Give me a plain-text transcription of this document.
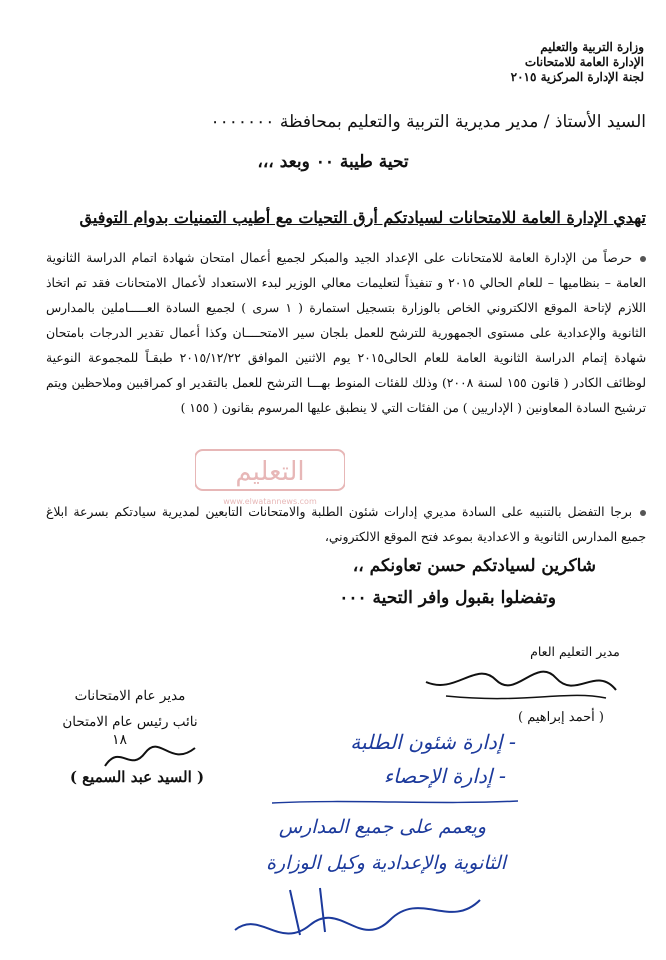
وزارة التربية والتعليم
الإدارة العامة للامتحانات
لجنة الإدارة المركزية ٢٠١٥
السيد الأستاذ / مدير مديرية التربية والتعليم بمحافظة ٠٠٠٠٠٠٠
تحية طيبة ٠٠ وبعد ،،،
تهدي الإدارة العامة للامتحانات لسيادتكم أرق التحيات مع أطيب التمنيات بدوام التوفيق

حرصاً من الإدارة العامة للامتحانات على الإعداد الجيد والمبكر لجميع أعمال امتحان شهادة اتمام الدراسة الثانوية العامة – بنظاميها – للعام الحالي ٢٠١٥ و تنفيذاً لتعليمات معالي الوزير لبدء الاستعداد لأعمال الامتحانات فقد تم اتخاذ اللازم لإتاحة الموقع الالكتروني الخاص بالوزارة بتسجيل استمارة ( ١ سرى ) لجميع السادة العـــــاملين بالمدارس الثانوية والإعدادية على مستوى الجمهورية للترشح للعمل بلجان سير الامتحــــان وكذا أعمال تقدير الدرجات بامتحان شهادة إتمام الدراسة الثانوية العامة للعام الحالى٢٠١٥ يوم الاثنين الموافق ٢٠١٥/١٢/٢٢ طبقـاً للمجموعة النوعية لوظائف الكادر ( قانون ١٥٥ لسنة ٢٠٠٨) وذلك للفئات المنوط بهـــا الترشح للعمل بالتقدير او كمراقبين وملاحظين ويتم ترشيح السادة المعاونين ( الإداريين ) من الفئات التي لا ينطبق عليها المرسوم بقانون ( ١٥٥ )

برجا التفضل بالتنبيه على السادة مديري إدارات شئون الطلبة والامتحانات التابعين لمديرية سيادتكم بسرعة ابلاغ جميع المدارس الثانوية و الاعدادية بموعد فتح الموقع الالكتروني،

شاكرين لسيادتكم حسن تعاونكم ،،
وتفضلوا بقبول وافر التحية ٠٠٠
التعليم
www.elwatannews.com
مدير التعليم العام
( أحمد إبراهيم )
مدير عام الامتحانات
نائب رئيس عام الامتحان
١٨
( السيد عبد السميع )
- إدارة شئون الطلبة
- إدارة الإحصاء
ويعمم على جميع المدارس
الثانوية والإعدادية وكيل الوزارة
